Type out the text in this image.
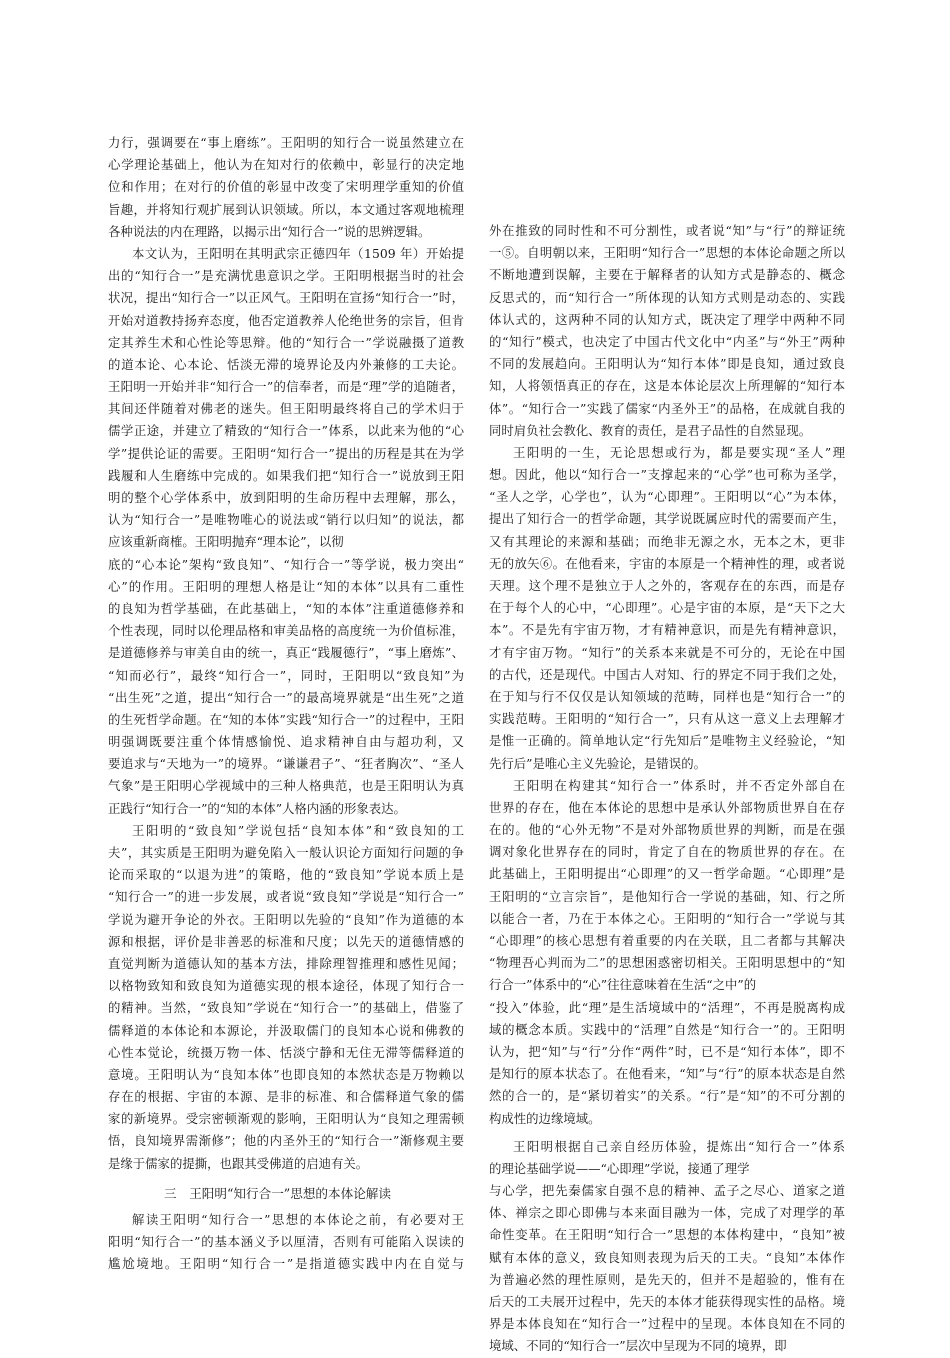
力行，强调要在“事上磨练”。王阳明的知行合一说虽然建立在
心学理论基础上，他认为在知对行的依赖中，彰显行的决定地
位和作用；在对行的价值的彰显中改变了宋明理学重知的价值
旨趣，并将知行观扩展到认识领域。所以，本文通过客观地梳理
各种说法的内在理路，以揭示出“知行合一”说的思辨逻辑。
本文认为，王阳明在其明武宗正德四年（1509 年）开始提
出的“知行合一”是充满忧患意识之学。王阳明根据当时的社会
状况，提出“知行合一”以正风气。王阳明在宣扬“知行合一”时，
开始对道教持扬弃态度，他否定道教养人伦绝世务的宗旨，但肯
定其养生术和心性论等思辩。他的“知行合一”学说融摄了道教
的道本论、心本论、恬淡无滞的境界论及内外兼修的工夫论。
王阳明一开始并非“知行合一”的信奉者，而是“理”学的追随者，
其间还伴随着对佛老的迷失。但王阳明最终将自己的学术归于
儒学正途，并建立了精致的“知行合一”体系，以此来为他的“心
学”提供论证的需要。王阳明“知行合一”提出的历程是其在为学
践履和人生磨练中完成的。如果我们把“知行合一”说放到王阳
明的整个心学体系中，放到阳明的生命历程中去理解，那么，
认为“知行合一”是唯物唯心的说法或“销行以归知”的说法，都
应该重新商榷。王阳明抛弃“理本论”，以彻
底的“心本论”架构“致良知”、“知行合一”等学说，极力突出“
心”的作用。王阳明的理想人格是让“知的本体”以具有二重性
的良知为哲学基础，在此基础上，“知的本体”注重道德修养和
个性表现，同时以伦理品格和审美品格的高度统一为价值标准，
是道德修养与审美自由的统一，真正“践履德行”，“事上磨炼”、
“知而必行”，最终“知行合一”，同时，王阳明以“致良知”为
“出生死”之道，提出“知行合一”的最高境界就是“出生死”之道
的生死哲学命题。在“知的本体”实践“知行合一”的过程中，王阳
明强调既要注重个体情感愉悦、追求精神自由与超功利，又
要追求与“天地为一”的境界。“谦谦君子”、“狂者胸次”、“圣人
气象”是王阳明心学视域中的三种人格典范，也是王阳明认为真
正践行“知行合一”的“知的本体”人格内涵的形象表达。
王阳明的“致良知”学说包括“良知本体”和“致良知的工
夫”，其实质是王阳明为避免陷入一般认识论方面知行问题的争
论而采取的“以退为进”的策略，他的“致良知”学说本质上是
“知行合一”的进一步发展，或者说“致良知”学说是“知行合一”
学说为避开争论的外衣。王阳明以先验的“良知”作为道德的本
源和根据，评价是非善恶的标准和尺度；以先天的道德情感的
直觉判断为道德认知的基本方法，排除理智推理和感性见闻；
以格物致知和致良知为道德实现的根本途径，体现了知行合一
的精神。当然，“致良知”学说在“知行合一”的基础上，借鉴了
儒释道的本体论和本源论，并汲取儒门的良知本心说和佛教的
心性本觉论，统摄万物一体、恬淡宁静和无住无滞等儒释道的
意境。王阳明认为“良知本体”也即良知的本然状态是万物赖以
存在的根据、宇宙的本源、是非的标准、和合儒释道气象的儒
家的新境界。受宗密顿渐观的影响，王阳明认为“良知之理需顿
悟，良知境界需渐修”；他的内圣外王的“知行合一”渐修观主要
是缘于儒家的提撕，也跟其受佛道的启迪有关。
三　王阳明“知行合一”思想的本体论解读
解读王阳明“知行合一”思想的本体论之前，有必要对王
阳明“知行合一”的基本涵义予以厘清，否则有可能陷入误读的
尴尬境地。王阳明“知行合一”是指道德实践中内在自觉与
外在推致的同时性和不可分割性，或者说“知”与“行”的辩证统
一⑤。自明朝以来，王阳明“知行合一”思想的本体论命题之所以
不断地遭到误解，主要在于解释者的认知方式是静态的、概念
反思式的，而“知行合一”所体现的认知方式则是动态的、实践
体认式的，这两种不同的认知方式，既决定了理学中两种不同
的“知行”模式，也决定了中国古代文化中“内圣”与“外王”两种
不同的发展趋向。王阳明认为“知行本体”即是良知，通过致良
知，人将领悟真正的存在，这是本体论层次上所理解的“知行本
体”。“知行合一”实践了儒家“内圣外王”的品格，在成就自我的
同时肩负社会教化、教育的责任，是君子品性的自然显现。
王阳明的一生，无论思想或行为，都是要实现“圣人”理
想。因此，他以“知行合一”支撑起来的“心学”也可称为圣学，
“圣人之学，心学也”，认为“心即理”。王阳明以“心”为本体，
提出了知行合一的哲学命题，其学说既属应时代的需要而产生，
又有其理论的来源和基础；而绝非无源之水，无本之木，更非
无的放矢⑥。在他看来，宇宙的本原是一个精神性的理，或者说
天理。这个理不是独立于人之外的，客观存在的东西，而是存
在于每个人的心中，“心即理”。心是宇宙的本原，是“天下之大
本”。不是先有宇宙万物，才有精神意识，而是先有精神意识，
才有宇宙万物。“知行”的关系本来就是不可分的，无论在中国
的古代，还是现代。中国古人对知、行的界定不同于我们之处，
在于知与行不仅仅是认知领域的范畴，同样也是“知行合一”的
实践范畴。王阳明的“知行合一”，只有从这一意义上去理解才
是惟一正确的。简单地认定“行先知后”是唯物主义经验论，“知
先行后”是唯心主义先验论，是错误的。
王阳明在构建其“知行合一”体系时，并不否定外部自在
世界的存在，他在本体论的思想中是承认外部物质世界自在存
在的。他的“心外无物”不是对外部物质世界的判断，而是在强
调对象化世界存在的同时，肯定了自在的物质世界的存在。在
此基础上，王阳明提出“心即理”的又一哲学命题。“心即理”是
王阳明的“立言宗旨”，是他知行合一学说的基础，知、行之所
以能合一者，乃在于本体之心。王阳明的“知行合一”学说与其
“心即理”的核心思想有着重要的内在关联，且二者都与其解决
“物理吾心判而为二”的思想困惑密切相关。王阳明思想中的“知
行合一”体系中的“心”往往意味着在生活“之中”的
“投入”体验，此“理”是生活境域中的“活理”，不再是脱离构成
域的概念本质。实践中的“活理”自然是“知行合一”的。王阳明
认为，把“知”与“行”分作“两件”时，已不是“知行本体”，即不
是知行的原本状态了。在他看来，“知”与“行”的原本状态是自然
然的合一的，是“紧切着实”的关系。“行”是“知”的不可分割的
构成性的边缘境域。
王阳明根据自己亲自经历体验，提炼出“知行合一”体系
的理论基础学说——“心即理”学说，接通了理学
与心学，把先秦儒家自强不息的精神、孟子之尽心、道家之道
体、禅宗之即心即佛与本来面目融为一体，完成了对理学的革
命性变革。在王阳明“知行合一”思想的本体构建中，“良知”被
赋有本体的意义，致良知则表现为后天的工夫。“良知”本体作
为普遍必然的理性原则，是先天的，但并不是超验的，惟有在
后天的工夫展开过程中，先天的本体才能获得现实性的品格。境
界是本体良知在“知行合一”过程中的呈现。本体良知在不同的
境域、不同的“知行合一”层次中呈现为不同的境界，即
